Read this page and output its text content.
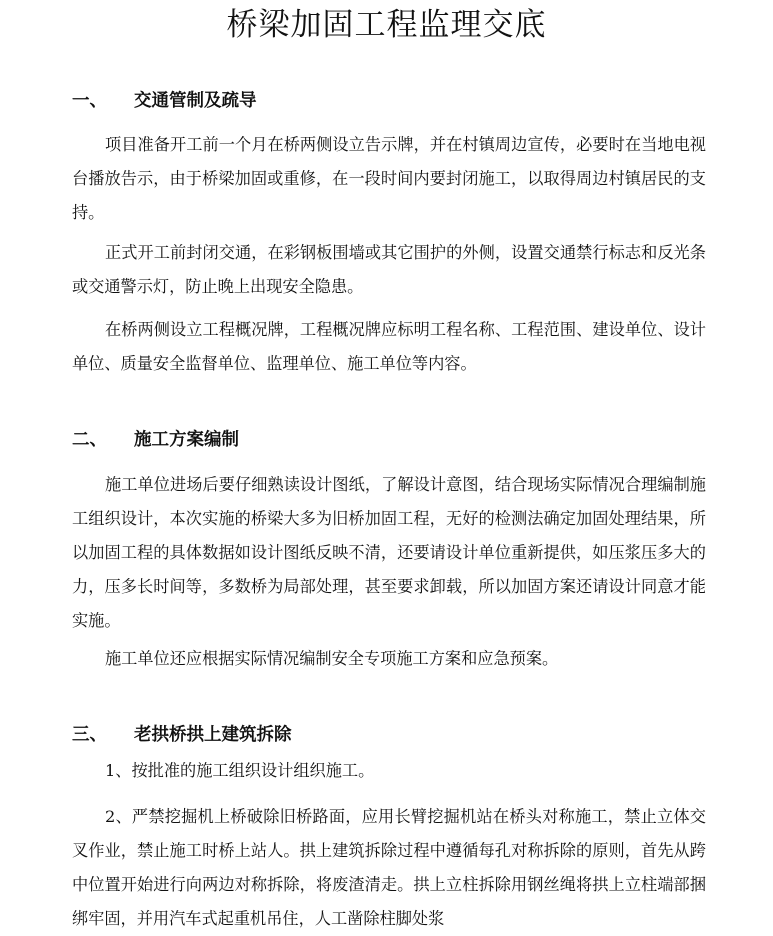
桥梁加固工程监理交底
一、 交通管制及疏导

项目准备开工前一个月在桥两侧设立告示牌，并在村镇周边宣传，必要时在当地电视台播放告示，由于桥梁加固或重修，在一段时间内要封闭施工，以取得周边村镇居民的支持。

正式开工前封闭交通，在彩钢板围墙或其它围护的外侧，设置交通禁行标志和反光条或交通警示灯，防止晚上出现安全隐患。

在桥两侧设立工程概况牌，工程概况牌应标明工程名称、工程范围、建设单位、设计单位、质量安全监督单位、监理单位、施工单位等内容。

二、 施工方案编制

施工单位进场后要仔细熟读设计图纸，了解设计意图，结合现场实际情况合理编制施工组织设计，本次实施的桥梁大多为旧桥加固工程，无好的检测法确定加固处理结果，所以加固工程的具体数据如设计图纸反映不清，还要请设计单位重新提供，如压浆压多大的力，压多长时间等，多数桥为局部处理，甚至要求卸载，所以加固方案还请设计同意才能实施。

施工单位还应根据实际情况编制安全专项施工方案和应急预案。

三、 老拱桥拱上建筑拆除

1、按批准的施工组织设计组织施工。

2、严禁挖掘机上桥破除旧桥路面，应用长臂挖掘机站在桥头对称施工，禁止立体交叉作业，禁止施工时桥上站人。拱上建筑拆除过程中遵循每孔对称拆除的原则，首先从跨中位置开始进行向两边对称拆除，将废渣清走。拱上立柱拆除用钢丝绳将拱上立柱端部捆绑牢固，并用汽车式起重机吊住，人工凿除柱脚处浆
